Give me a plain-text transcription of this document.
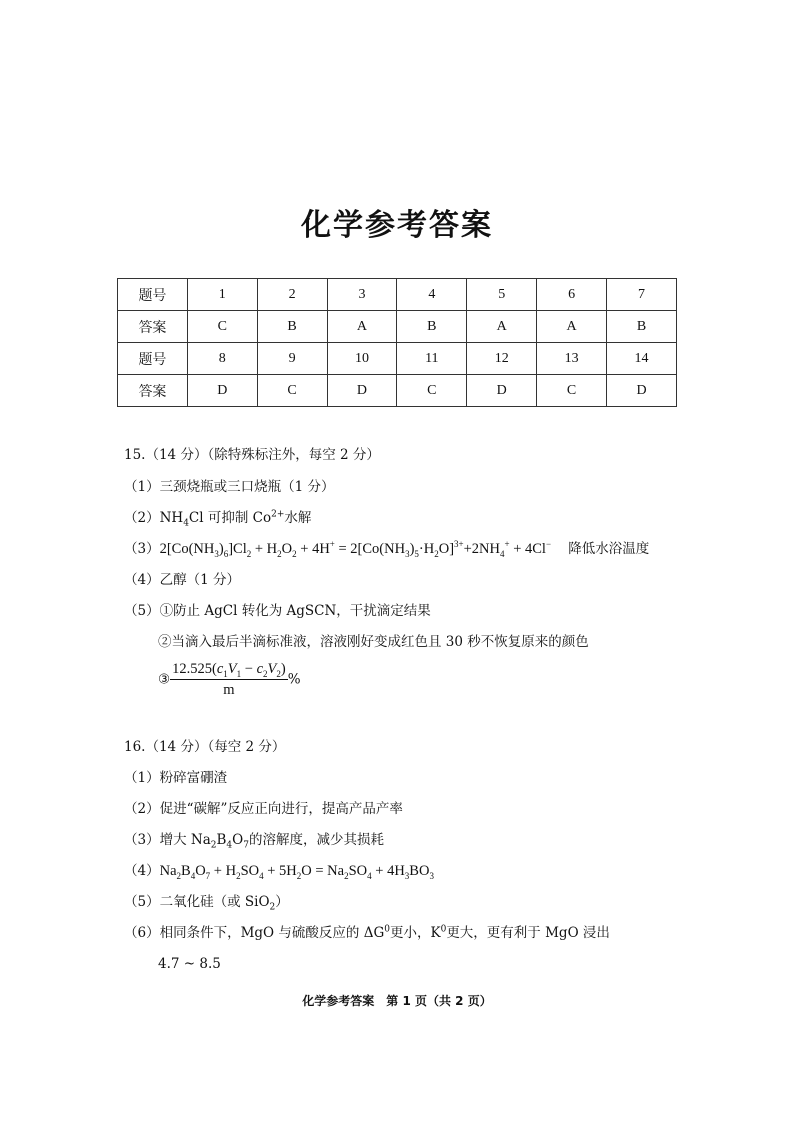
化学参考答案
题号	1	2	3	4	5	6	7
答案	C	B	A	B	A	A	B
题号	8	9	10	11	12	13	14
答案	D	C	D	C	D	C	D
15.（14 分）（除特殊标注外，每空 2 分）
（1）三颈烧瓶或三口烧瓶（1 分）
$(2)NH_4Cl$ 可抑制 $Co^{2+}$水解
$(3)2[Co(NH_3)_6]Cl_2 + H_2O_2 + 4H^+ = 2[Co(NH_3)_5\cdot H_2O]^{3+}+2NH_4^+ + 4Cl^-$ 降低水浴温度
（4）乙醇（1 分）
（5）①防止 AgCl 转化为 AgSCN，干扰滴定结果
②当滴入最后半滴标准液，溶液刚好变成红色且 30 秒不恢复原来的颜色
③ $\frac{12.525(c_1V_1 - c_2V_2)}{m}$ %
16.（14 分）（每空 2 分）
（1）粉碎富硼渣
（2）促进“碳解”反应正向进行，提高产品产率
（3）增大 $Na_2B_4O_7$的溶解度，减少其损耗
$(4)Na_2B_4O_7 + H_2SO_4 + 5H_2O = Na_2SO_4 + 4H_3BO_3$
（5）二氧化硅（或 SiO$_2$）
（6）相同条件下，MgO 与硫酸反应的 $\Delta G^0$更小，$K^0$更大，更有利于 MgO 浸出
4.7 ~ 8.5
化学参考答案　第 1 页（共 2 页）
